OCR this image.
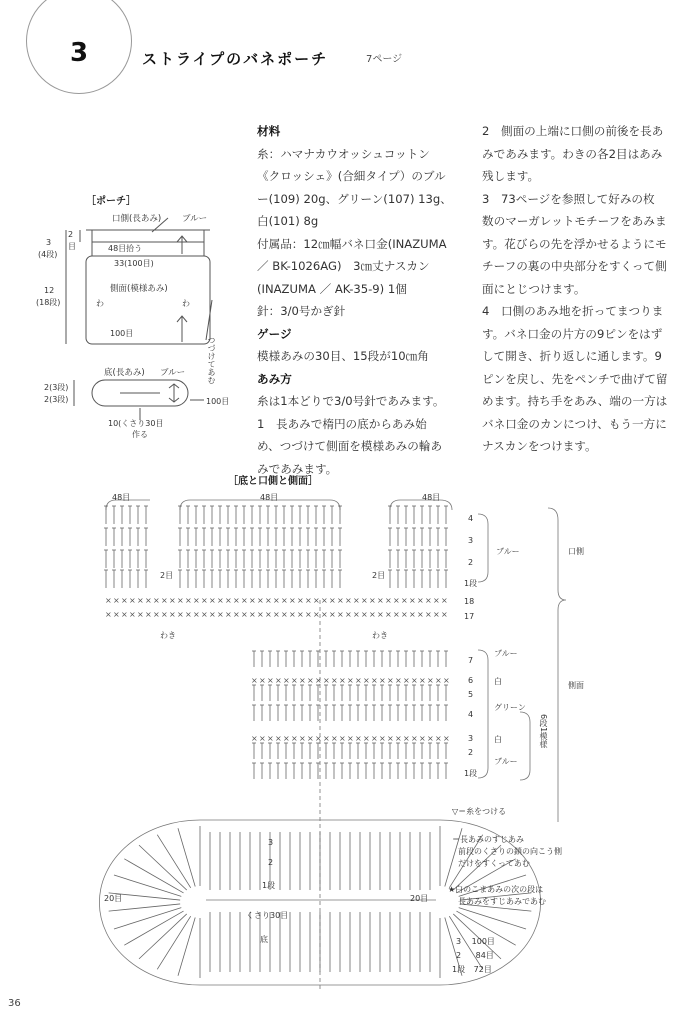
3	ストライプのバネポーチ	7ページ
材料
糸：ハマナカウオッシュコットン
《クロッシェ》(合細タイプ）のブル
ー(109) 20g、グリーン(107) 13g、
白(101) 8g
付属品：12㎝幅バネ口金(INAZUMA
／ BK-1026AG)　3㎝丈ナスカン
(INAZUMA ／ AK-35-9) 1個
針：3/0号かぎ針
ゲージ
模様あみの30目、15段が10㎝角
あみ方
糸は1本どりで3/0号針であみます。
1　長あみで楕円の底からあみ始
め、つづけて側面を模様あみの輪あ
みであみます。
2　側面の上端に口側の前後を長あ
みであみます。わきの各2目はあみ
残します。
3　73ページを参照して好みの枚
数のマーガレットモチーフをあみま
す。花びらの先を浮かせるようにモ
チーフの裏の中央部分をすくって側
面にとじつけます。
4　口側のあみ地を折ってまつりま
す。バネ口金の片方の9ピンをはず
して開き、折り返しに通します。9
ピンを戻し、先をペンチで曲げて留
めます。持ち手をあみ、端の一方は
バネ口金のカンにつけ、もう一方に
ナスカンをつけます。
［ポーチ］
口側(長あみ) ブルー
48目拾う
33(100目)
側面(模様あみ)
わ	わ
100目
2
目
3
(4段)
12
(18段)
つづけてあむ
底(長あみ) ブルー
2(3段)
2(3段)	100目
10(くさり30目
作る
［底と口側と側面］
× × × × × × × × × × × × × × × × × × × × × × × × × × × × × × × × × × × × × × × × × × ×
× × × × × × × × × × × × × × × × × × × × × × × × × × × × × × × × × × × × × × × × × × ×
× × × × × × × × × × × × × × × × × × × × × × × × ×
× × × × × × × × × × × × × × × × × × × × × × × × ×
48目	48目	48目
2目	2目
わき	わき
4
3
2
1段
18
17
7
6
5
4
3
2
1段
ブルー	口側
ブルー
白
グリーン
白
ブルー
側面
6段1模様
3
2
1段
20目	20目
くさり30目
底
▽＝糸をつける
＝長あみのすじあみ
前段のくさりの鎖の向こう側
だけをすくってあむ
★白のこまあみの次の段は
長あみをすじあみであむ
3 100目
2 84目
1段 72目
36
